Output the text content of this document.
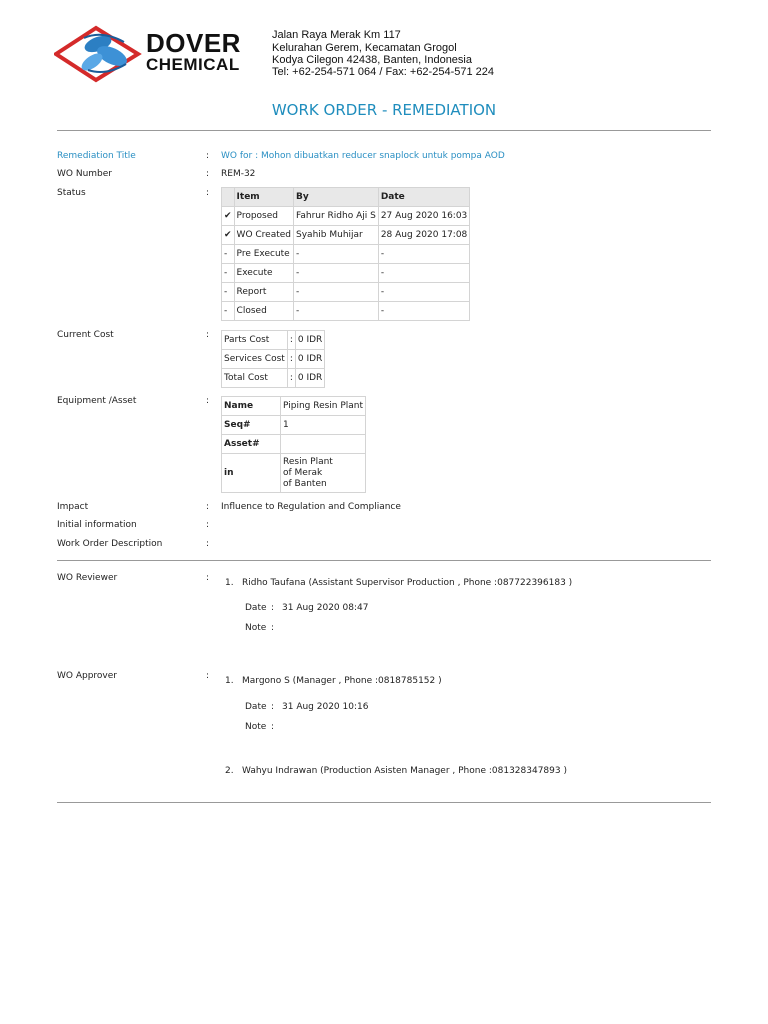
DOVER
CHEMICAL
Jalan Raya Merak Km 117
Kelurahan Gerem, Kecamatan Grogol
Kodya Cilegon 42438, Banten, Indonesia
Tel: +62-254-571 064 / Fax: +62-254-571 224
WORK ORDER - REMEDIATION
Remediation Title	: WO for : Mohon dibuatkan reducer snaplock untuk pompa AOD
WO Number	: REM-32
Status	:
		Item	By	Date
✔	Proposed	Fahrur Ridho Aji S	27 Aug 2020 16:03
✔	WO Created	Syahib Muhijar	28 Aug 2020 17:08
-	Pre Execute	-	-
-	Execute	-	-
-	Report	-	-
-	Closed	-	-
Current Cost	: Parts Cost	:	0 IDR
Services Cost	:	0 IDR
Total Cost	:	0 IDR
Equipment /Asset	: Name	Piping Resin Plant
Seq#	1
Asset#	
in	Resin Plant
of Merak
of Banten
Impact	: Influence to Regulation and Compliance
Initial information	:
Work Order Description	:
WO Reviewer	: 1. Ridho Taufana (Assistant Supervisor Production , Phone :087722396183 )
Date : 31 Aug 2020 08:47
Note :
WO Approver	: 1. Margono S (Manager , Phone :0818785152 )
Date : 31 Aug 2020 10:16
Note :
2. Wahyu Indrawan (Production Asisten Manager , Phone :081328347893 )
